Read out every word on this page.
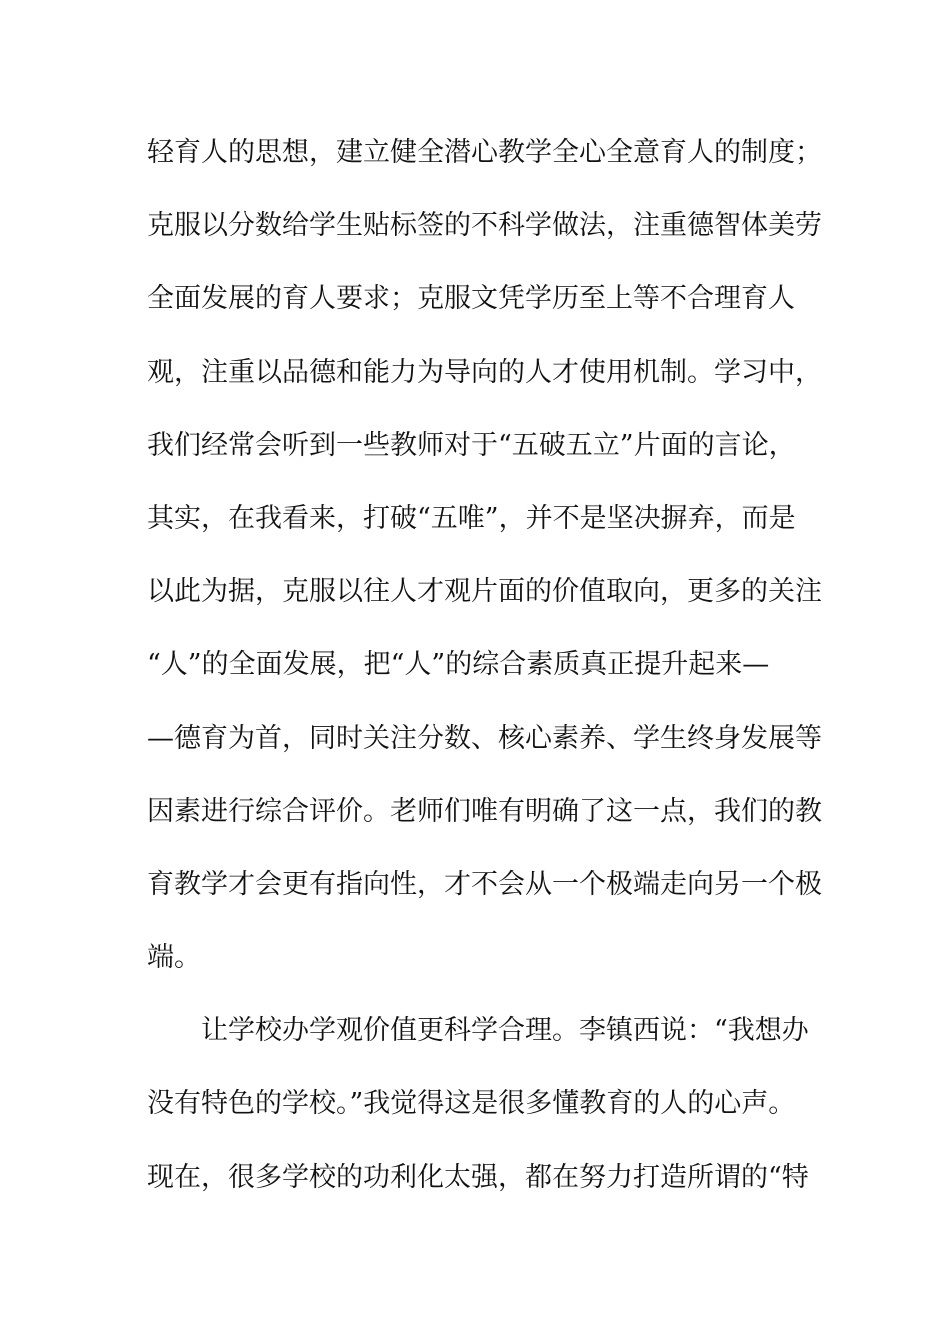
轻育人的思想，建立健全潜心教学全心全意育人的制度；
克服以分数给学生贴标签的不科学做法，注重德智体美劳
全面发展的育人要求；克服文凭学历至上等不合理育人
观，注重以品德和能力为导向的人才使用机制。学习中，
我们经常会听到一些教师对于“五破五立”片面的言论，
其实，在我看来，打破“五唯”，并不是坚决摒弃，而是
以此为据，克服以往人才观片面的价值取向，更多的关注
“人”的全面发展，把“人”的综合素质真正提升起来—
—德育为首，同时关注分数、核心素养、学生终身发展等
因素进行综合评价。老师们唯有明确了这一点，我们的教
育教学才会更有指向性，才不会从一个极端走向另一个极
端。
让学校办学观价值更科学合理。李镇西说：“我想办
没有特色的学校。”我觉得这是很多懂教育的人的心声。
现在，很多学校的功利化太强，都在努力打造所谓的“特
